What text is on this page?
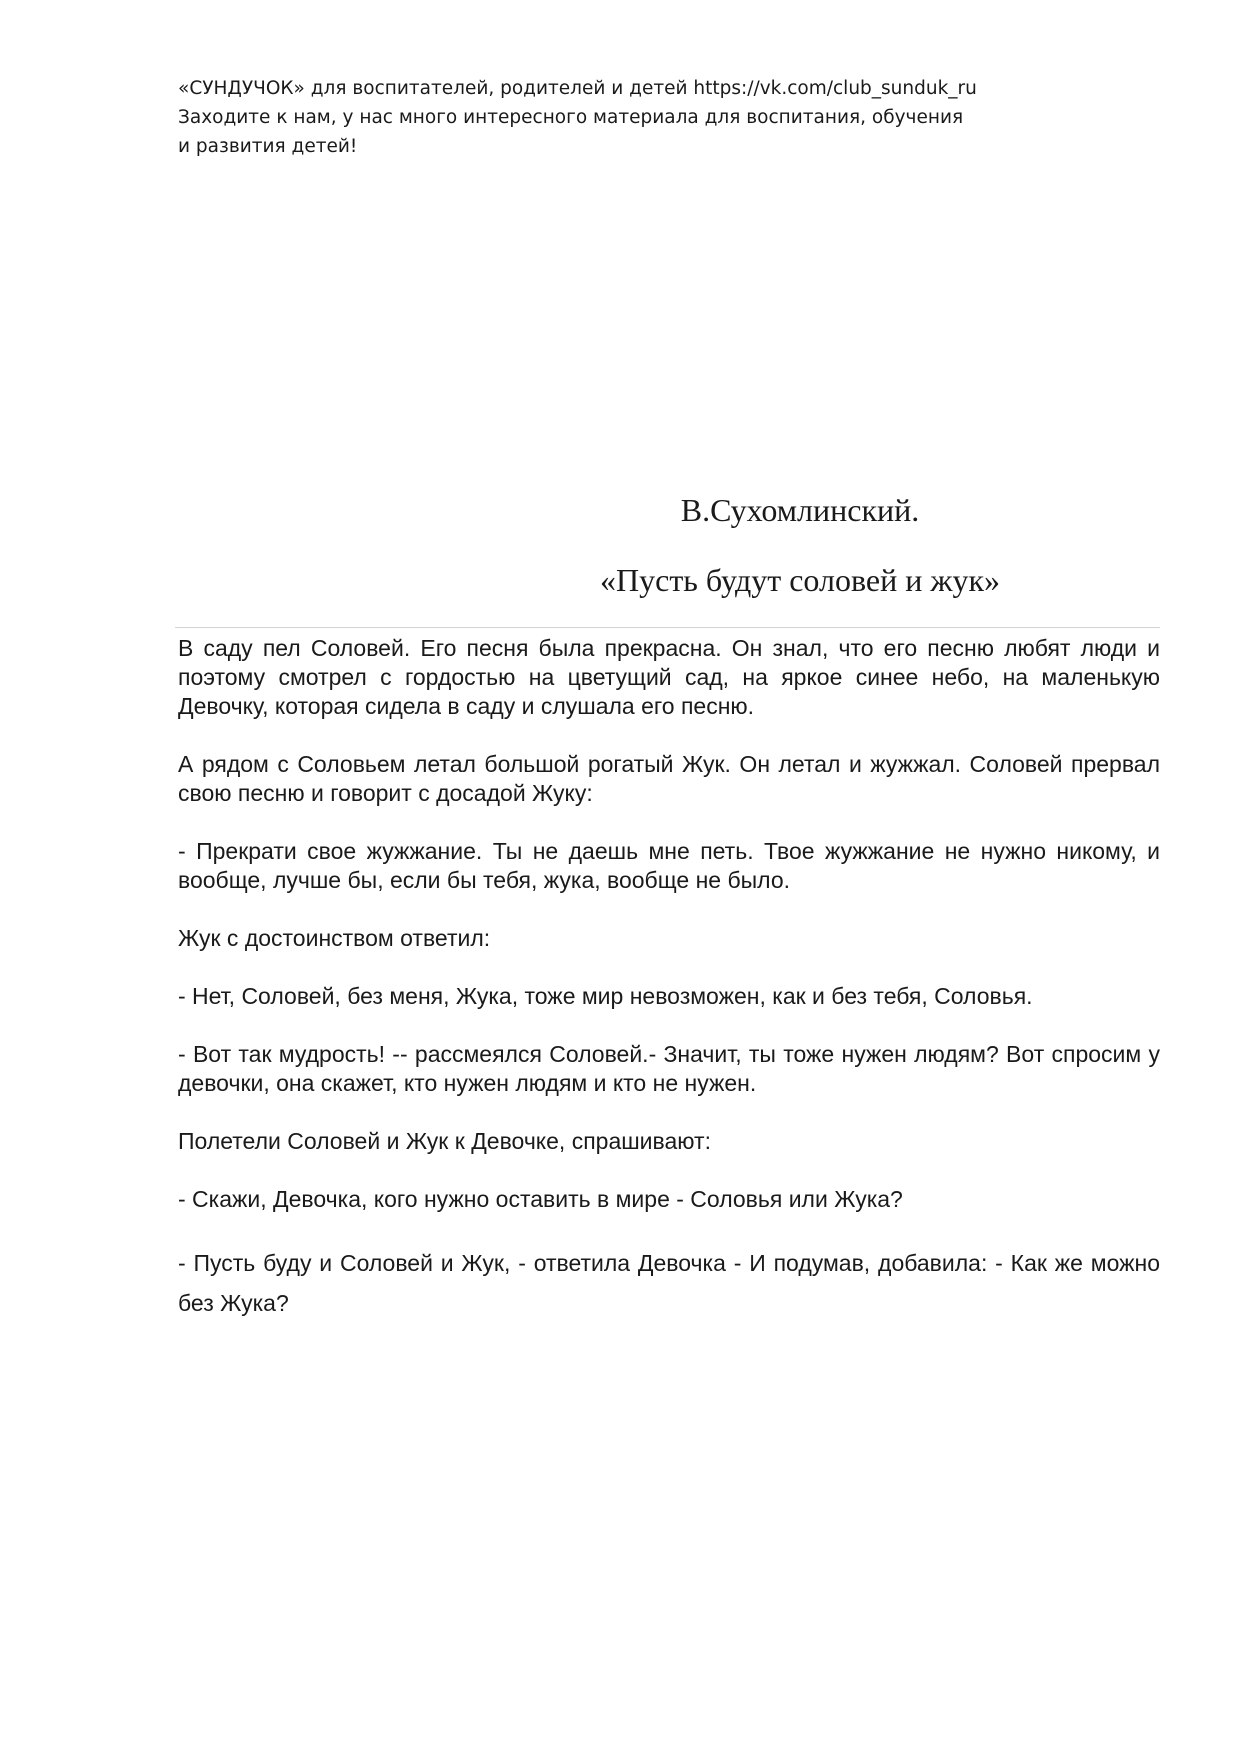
«СУНДУЧОК» для воспитателей, родителей и детей https://vk.com/club_sunduk_ru
Заходите к нам, у нас много интересного материала для воспитания, обучения
и развития детей!
В.Сухомлинский.
«Пусть будут соловей и жук»

В саду пел Соловей. Его песня была прекрасна. Он знал, что его песню любят люди и поэтому смотрел с гордостью на цветущий сад, на яркое синее небо, на маленькую Девочку, которая сидела в саду и слушала его песню.

А рядом с Соловьем летал большой рогатый Жук. Он летал и жужжал. Соловей прервал свою песню и говорит с досадой Жуку:

- Прекрати свое жужжание. Ты не даешь мне петь. Твое жужжание не нужно никому, и вообще, лучше бы, если бы тебя, жука, вообще не было.

Жук с достоинством ответил:

- Нет, Соловей, без меня, Жука, тоже мир невозможен, как и без тебя, Соловья.

- Вот так мудрость! -- рассмеялся Соловей.- Значит, ты тоже нужен людям? Вот спросим у девочки, она скажет, кто нужен людям и кто не нужен.

Полетели Соловей и Жук к Девочке, спрашивают:

- Скажи, Девочка, кого нужно оставить в мире - Соловья или Жука?

- Пусть буду и Соловей и Жук, - ответила Девочка - И подумав, добавила: - Как же можно без Жука?
